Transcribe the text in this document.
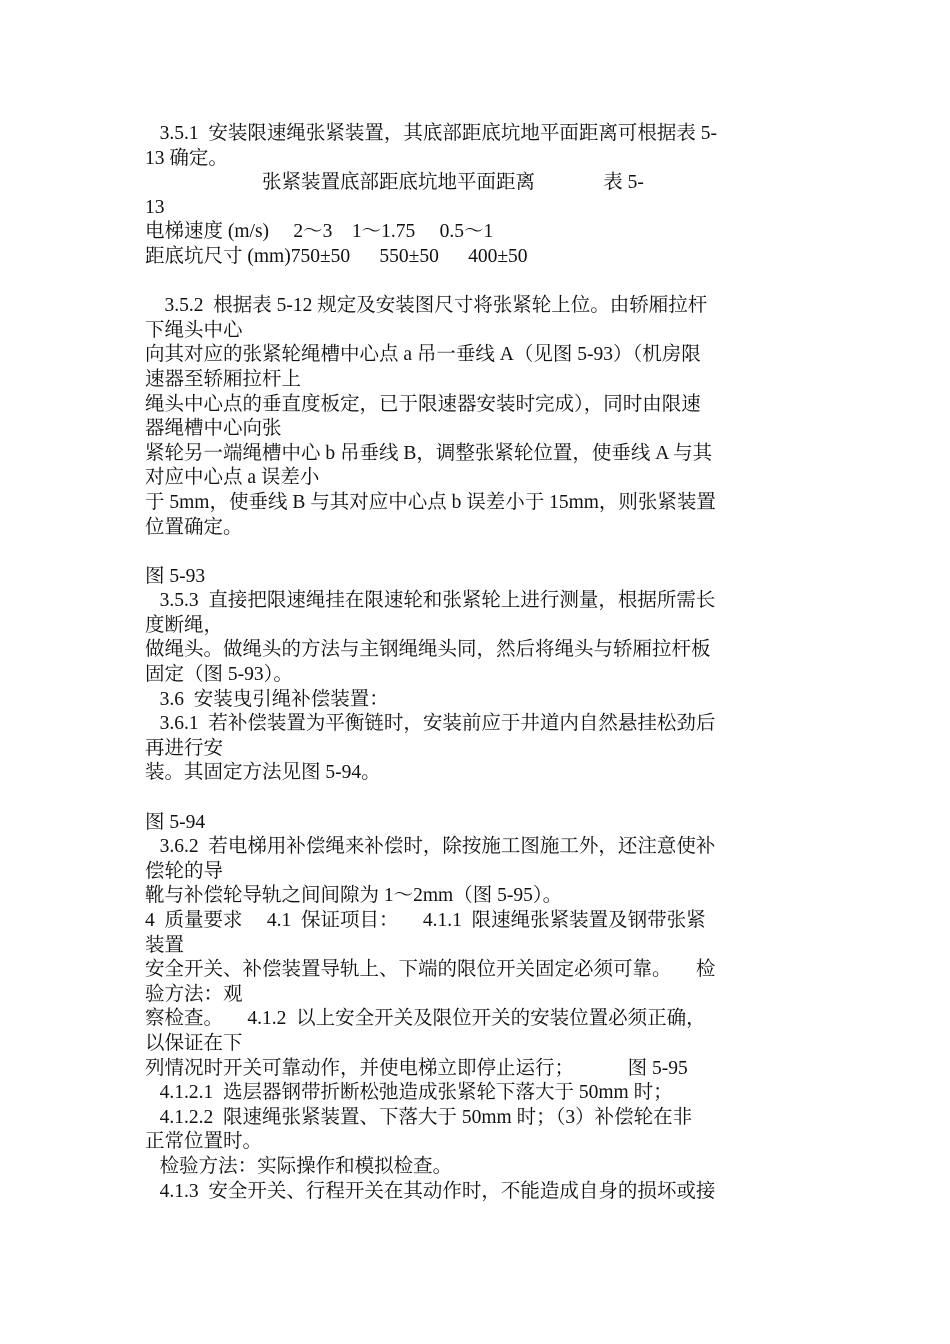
3.5.1  安装限速绳张紧装置，其底部距底坑地平面距离可根据表 5-
13 确定。
张紧装置底部距底坑地平面距离              表 5-
13
电梯速度 (m/s)     2～3    1～1.75     0.5～1
距底坑尺寸 (mm)750±50      550±50      400±50
3.5.2  根据表 5-12 规定及安装图尺寸将张紧轮上位。由轿厢拉杆
下绳头中心
向其对应的张紧轮绳槽中心点 a 吊一垂线 A（见图 5-93）（机房限
速器至轿厢拉杆上
绳头中心点的垂直度板定，已于限速器安装时完成），同时由限速
器绳槽中心向张
紧轮另一端绳槽中心 b 吊垂线 B，调整张紧轮位置，使垂线 A 与其
对应中心点 a 误差小
于 5mm，使垂线 B 与其对应中心点 b 误差小于 15mm，则张紧装置
位置确定。
图 5-93
3.5.3  直接把限速绳挂在限速轮和张紧轮上进行测量，根据所需长
度断绳，
做绳头。做绳头的方法与主钢绳绳头同，然后将绳头与轿厢拉杆板
固定（图 5-93）。
3.6  安装曳引绳补偿装置：
3.6.1  若补偿装置为平衡链时，安装前应于井道内自然悬挂松劲后
再进行安
装。其固定方法见图 5-94。
图 5-94
3.6.2  若电梯用补偿绳来补偿时，除按施工图施工外，还注意使补
偿轮的导
靴与补偿轮导轨之间间隙为 1～2mm（图 5-95）。
4  质量要求     4.1  保证项目：     4.1.1  限速绳张紧装置及钢带张紧
装置
安全开关、补偿装置导轨上、下端的限位开关固定必须可靠。     检
验方法：观
察检查。     4.1.2  以上安全开关及限位开关的安装位置必须正确，
以保证在下
列情况时开关可靠动作，并使电梯立即停止运行；           图 5-95
4.1.2.1  选层器钢带折断松弛造成张紧轮下落大于 50mm 时；
4.1.2.2  限速绳张紧装置、下落大于 50mm 时；（3）补偿轮在非
正常位置时。
检验方法：实际操作和模拟检查。
4.1.3  安全开关、行程开关在其动作时，不能造成自身的损坏或接
